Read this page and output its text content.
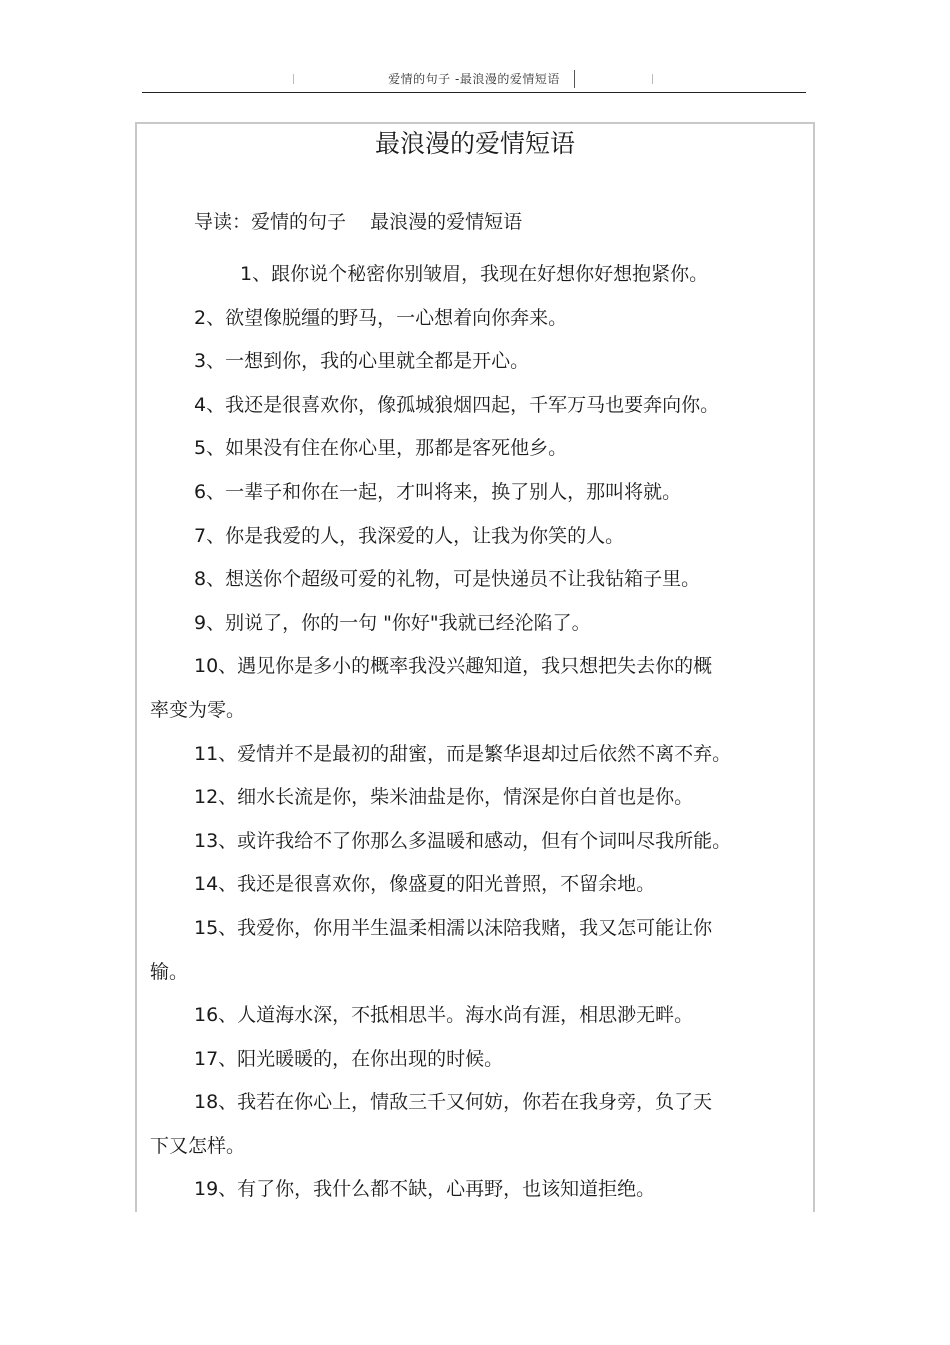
爱情的句子 -最浪漫的爱情短语
最浪漫的爱情短语
导读：爱情的句子    最浪漫的爱情短语

1、跟你说个秘密你别皱眉，我现在好想你好想抱紧你。

2、欲望像脱缰的野马，一心想着向你奔来。

3、一想到你，我的心里就全都是开心。

4、我还是很喜欢你，像孤城狼烟四起，千军万马也要奔向你。

5、如果没有住在你心里，那都是客死他乡。

6、一辈子和你在一起，才叫将来，换了别人，那叫将就。

7、你是我爱的人，我深爱的人，让我为你笑的人。

8、想送你个超级可爱的礼物，可是快递员不让我钻箱子里。

9、别说了，你的一句 "你好"我就已经沦陷了。

10、遇见你是多小的概率我没兴趣知道，我只想把失去你的概

率变为零。

11、爱情并不是最初的甜蜜，而是繁华退却过后依然不离不弃。

12、细水长流是你，柴米油盐是你，情深是你白首也是你。

13、或许我给不了你那么多温暖和感动，但有个词叫尽我所能。

14、我还是很喜欢你，像盛夏的阳光普照，不留余地。

15、我爱你，你用半生温柔相濡以沫陪我赌，我又怎可能让你

输。

16、人道海水深，不抵相思半。海水尚有涯，相思渺无畔。

17、阳光暖暖的，在你出现的时候。

18、我若在你心上，情敌三千又何妨，你若在我身旁，负了天

下又怎样。

19、有了你，我什么都不缺，心再野，也该知道拒绝。
